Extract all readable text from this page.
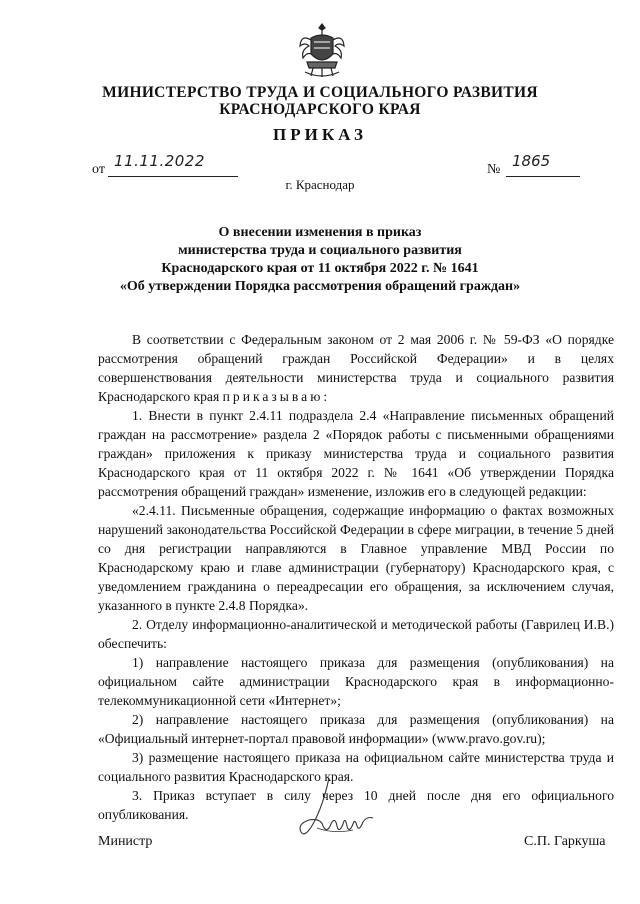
МИНИСТЕРСТВО ТРУДА И СОЦИАЛЬНОГО РАЗВИТИЯ
КРАСНОДАРСКОГО КРАЯ
ПРИКАЗ
от 11.11.2022	№ 1865
г. Краснодар
О внесении изменения в приказ
министерства труда и социального развития
Краснодарского края от 11 октября 2022 г. № 1641
«Об утверждении Порядка рассмотрения обращений граждан»

В соответствии с Федеральным законом от 2 мая 2006 г. № 59-ФЗ «О порядке рассмотрения обращений граждан Российской Федерации» и в целях совершенствования деятельности министерства труда и социального развития Краснодарского края приказываю:

1. Внести в пункт 2.4.11 подраздела 2.4 «Направление письменных обращений граждан на рассмотрение» раздела 2 «Порядок работы с письменными обращениями граждан» приложения к приказу министерства труда и социального развития Краснодарского края от 11 октября 2022 г. № 1641 «Об утверждении Порядка рассмотрения обращений граждан» изменение, изложив его в следующей редакции:

«2.4.11. Письменные обращения, содержащие информацию о фактах возможных нарушений законодательства Российской Федерации в сфере миграции, в течение 5 дней со дня регистрации направляются в Главное управление МВД России по Краснодарскому краю и главе администрации (губернатору) Краснодарского края, с уведомлением гражданина о переадресации его обращения, за исключением случая, указанного в пункте 2.4.8 Порядка».

2. Отделу информационно-аналитической и методической работы (Гаврилец И.В.) обеспечить:

1) направление настоящего приказа для размещения (опубликования) на официальном сайте администрации Краснодарского края в информационно-телекоммуникационной сети «Интернет»;

2) направление настоящего приказа для размещения (опубликования) на «Официальный интернет-портал правовой информации» (www.pravo.gov.ru);

3) размещение настоящего приказа на официальном сайте министерства труда и социального развития Краснодарского края.

3. Приказ вступает в силу через 10 дней после дня его официального опубликования.

Министр	С.П. Гаркуша
